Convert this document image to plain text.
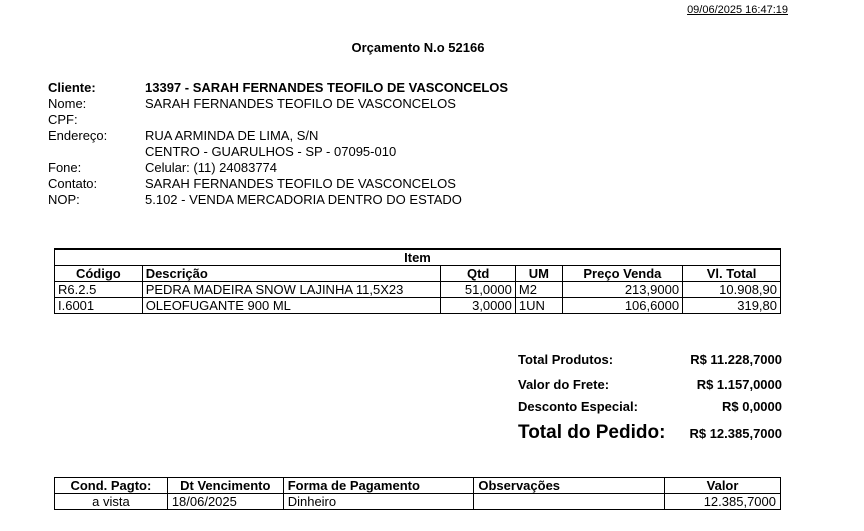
09/06/2025 16:47:19
Orçamento N.o 52166
Cliente:	13397 - SARAH FERNANDES TEOFILO DE VASCONCELOS
Nome:	SARAH FERNANDES TEOFILO DE VASCONCELOS
CPF:
Endereço:	RUA ARMINDA DE LIMA, S/N
CENTRO - GUARULHOS - SP - 07095-010
Fone:	Celular: (11) 24083774
Contato:	SARAH FERNANDES TEOFILO DE VASCONCELOS
NOP:	5.102 - VENDA MERCADORIA DENTRO DO ESTADO
Item					
Código	Descrição	Qtd	UM	Preço Venda	Vl. Total
R6.2.5	PEDRA MADEIRA SNOW LAJINHA 11,5X23	51,0000	M2	213,9000	10.908,90
I.6001	OLEOFUGANTE 900 ML	3,0000	1UN	106,6000	319,80
Total Produtos:	R$ 11.228,7000
Valor do Frete:	R$ 1.157,0000
Desconto Especial:	R$ 0,0000
Total do Pedido: R$ 12.385,7000
Cond. Pagto:	Dt Vencimento	Forma de Pagamento	Observações	Valor
a vista	18/06/2025	Dinheiro		12.385,7000
